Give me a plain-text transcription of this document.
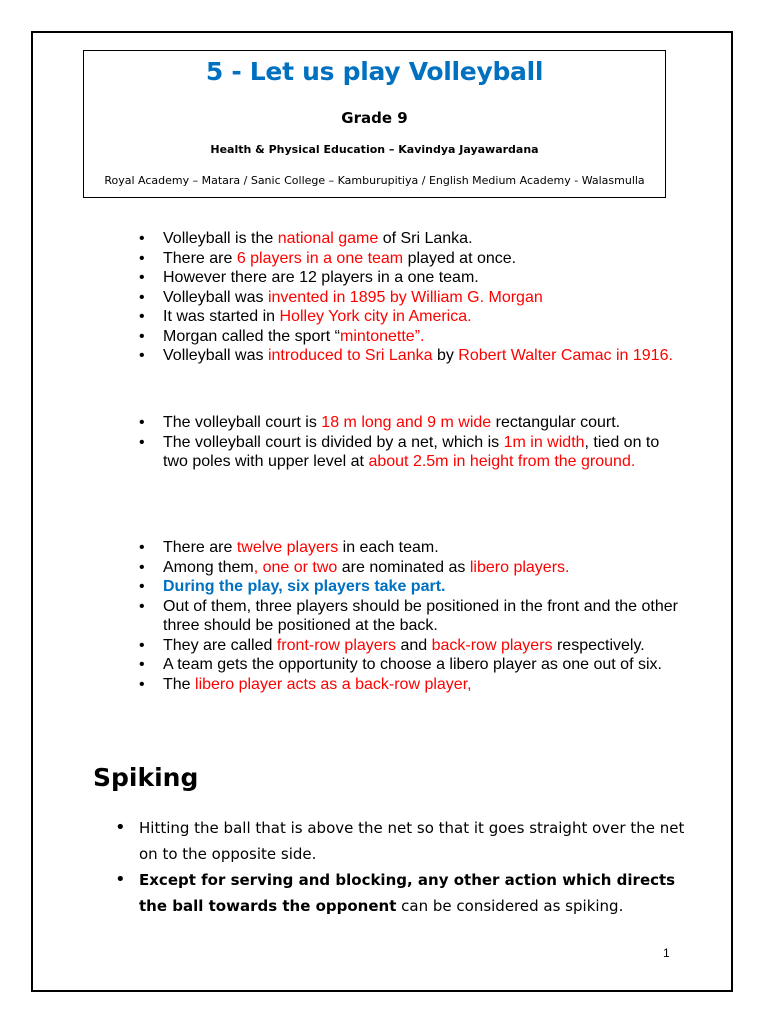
5 - Let us play Volleyball
Grade 9
Health & Physical Education – Kavindya Jayawardana
Royal Academy – Matara / Sanic College – Kamburupitiya / English Medium Academy - Walasmulla
• Volleyball is the national game of Sri Lanka.
• There are 6 players in a one team played at once.
• However there are 12 players in a one team.
• Volleyball was invented in 1895 by William G. Morgan
• It was started in Holley York city in America.
• Morgan called the sport “mintonette”.
• Volleyball was introduced to Sri Lanka by Robert Walter Camac in 1916.
• The volleyball court is 18 m long and 9 m wide rectangular court.
• The volleyball court is divided by a net, which is 1m in width, tied on to two poles with upper level at about 2.5m in height from the ground.
• There are twelve players in each team.
• Among them, one or two are nominated as libero players.
• During the play, six players take part.
• Out of them, three players should be positioned in the front and the other three should be positioned at the back.
• They are called front-row players and back-row players respectively.
• A team gets the opportunity to choose a libero player as one out of six.
• The libero player acts as a back-row player,
Spiking
• Hitting the ball that is above the net so that it goes straight over the net on to the opposite side.
• Except for serving and blocking, any other action which directs the ball towards the opponent can be considered as spiking.
1
